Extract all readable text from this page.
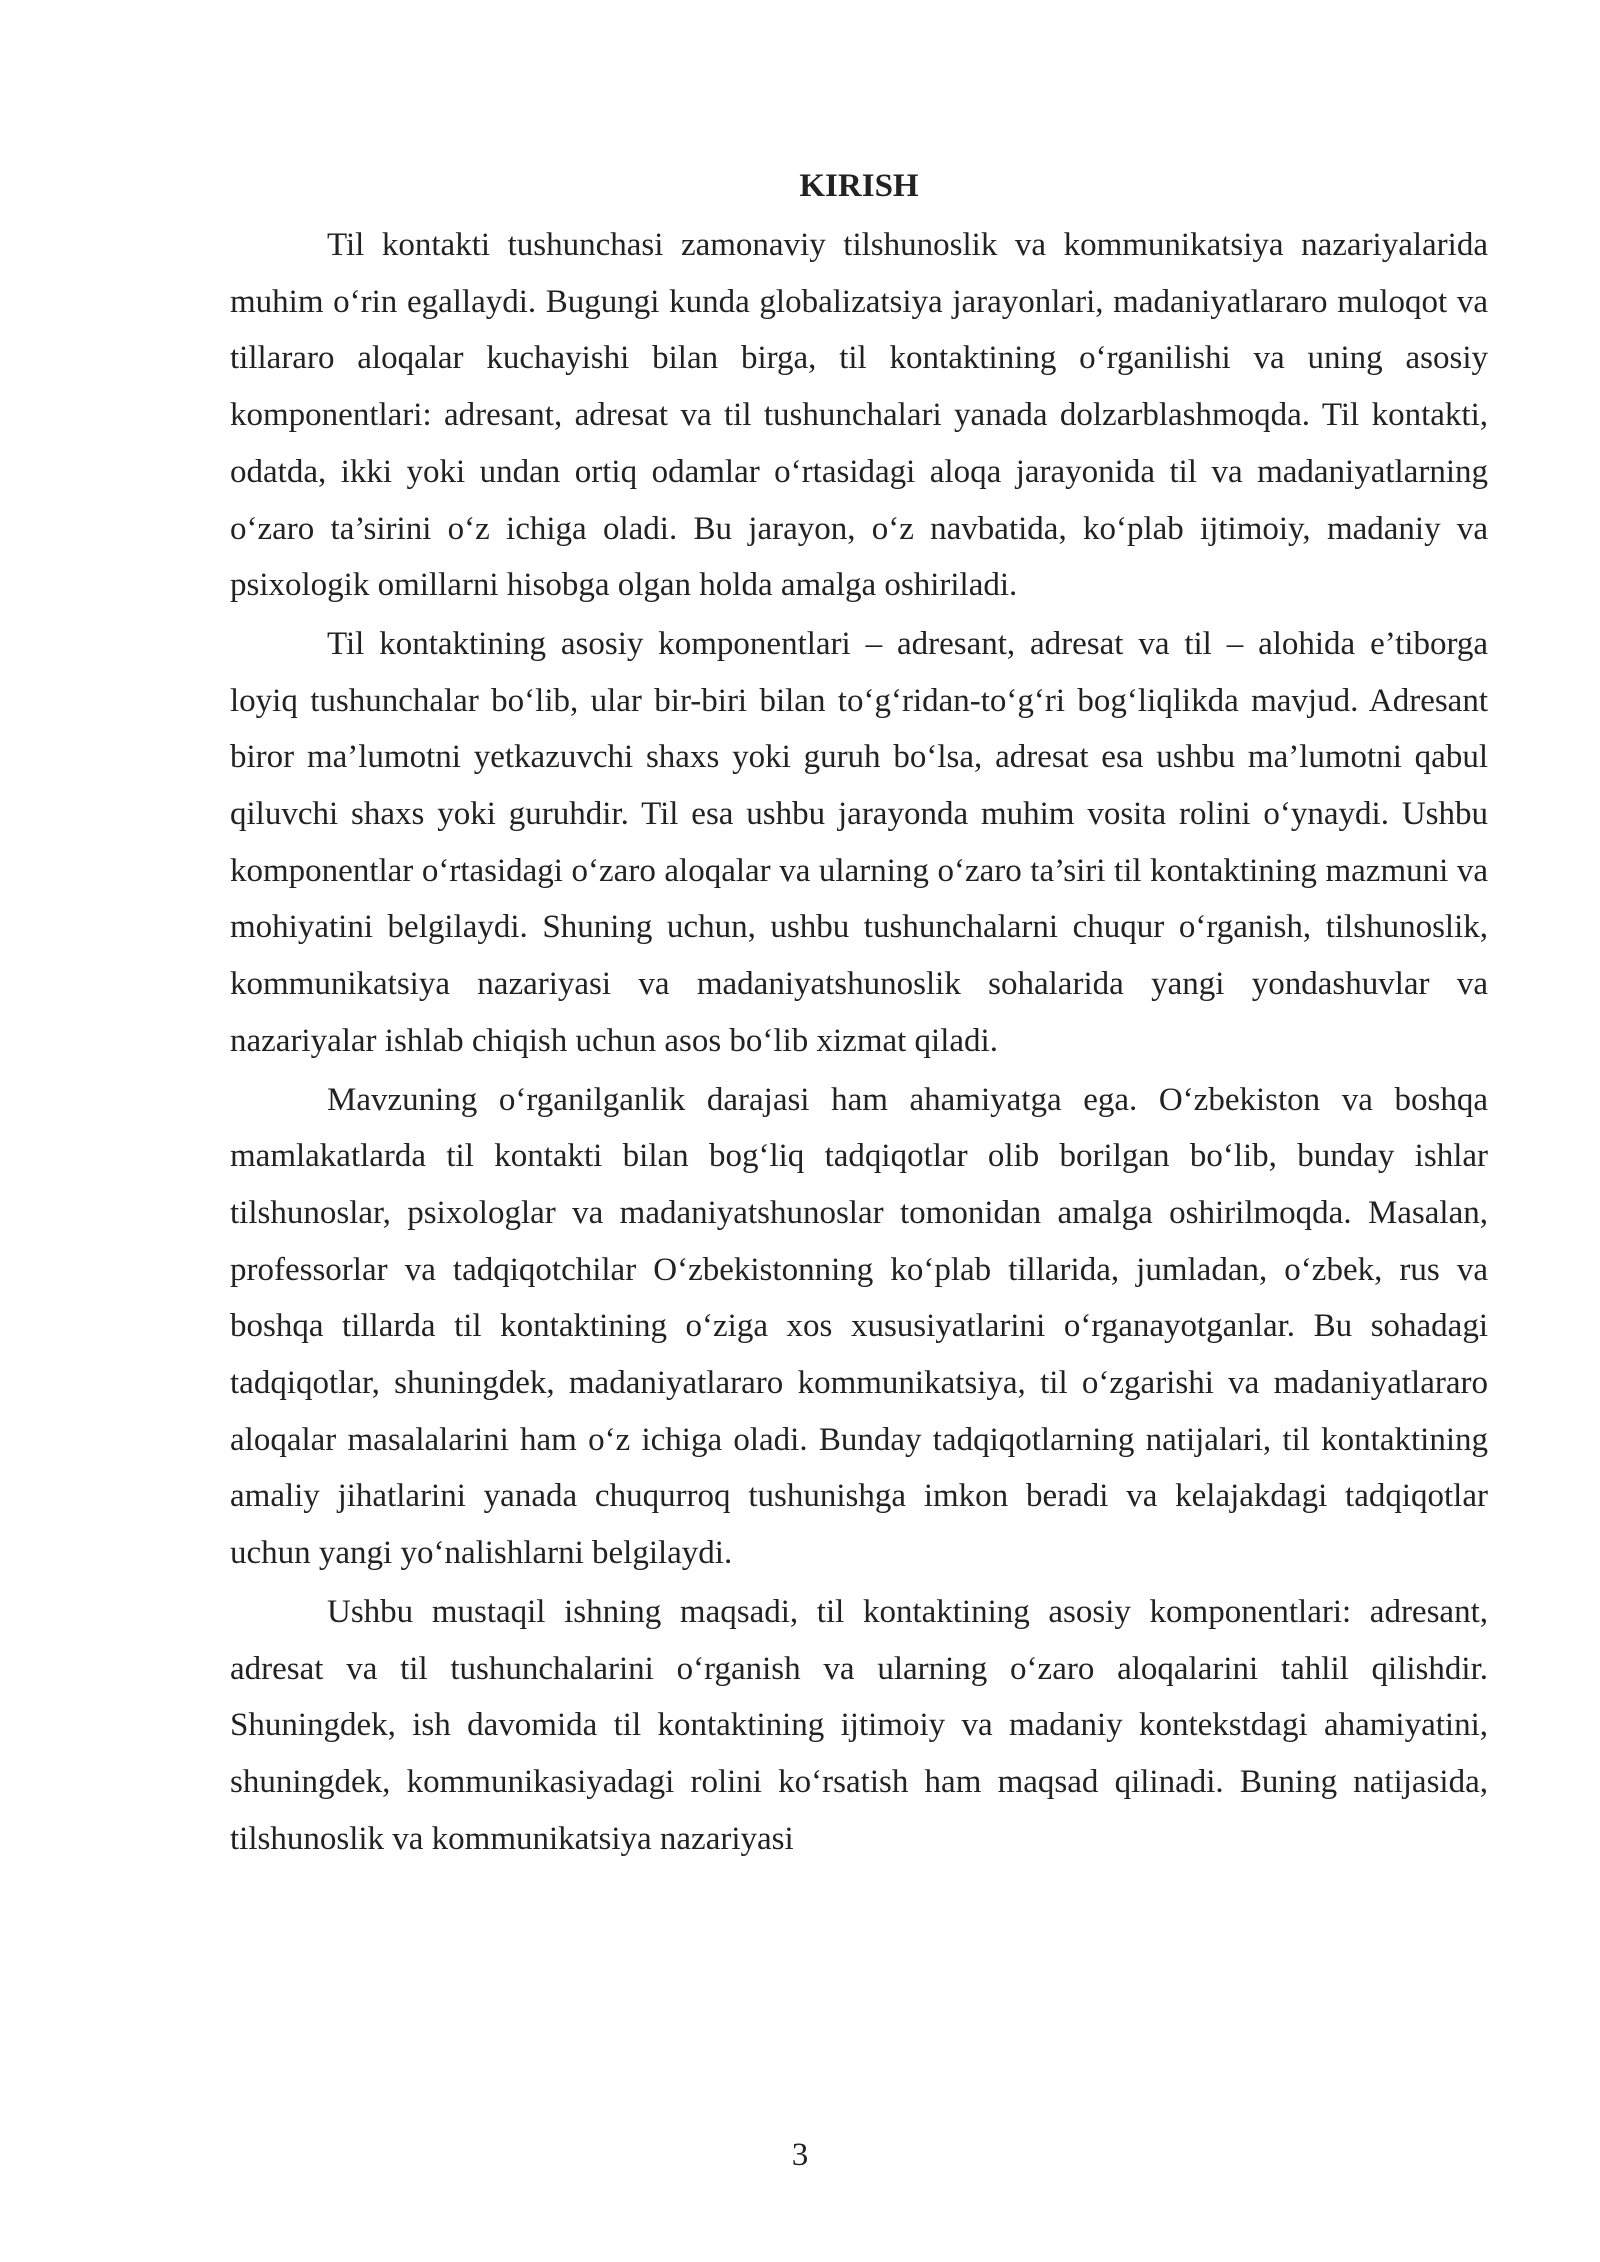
KIRISH

Til kontakti tushunchasi zamonaviy tilshunoslik va kommunikatsiya nazariyalarida muhim o‘rin egallaydi. Bugungi kunda globalizatsiya jarayonlari, madaniyatlararo muloqot va tillararo aloqalar kuchayishi bilan birga, til kontaktining o‘rganilishi va uning asosiy komponentlari: adresant, adresat va til tushunchalari yanada dolzarblashmoqda. Til kontakti, odatda, ikki yoki undan ortiq odamlar o‘rtasidagi aloqa jarayonida til va madaniyatlarning o‘zaro ta’sirini o‘z ichiga oladi. Bu jarayon, o‘z navbatida, ko‘plab ijtimoiy, madaniy va psixologik omillarni hisobga olgan holda amalga oshiriladi.

Til kontaktining asosiy komponentlari – adresant, adresat va til – alohida e’tiborga loyiq tushunchalar bo‘lib, ular bir-biri bilan to‘g‘ridan-to‘g‘ri bog‘liqlikda mavjud. Adresant biror ma’lumotni yetkazuvchi shaxs yoki guruh bo‘lsa, adresat esa ushbu ma’lumotni qabul qiluvchi shaxs yoki guruhdir. Til esa ushbu jarayonda muhim vosita rolini o‘ynaydi. Ushbu komponentlar o‘rtasidagi o‘zaro aloqalar va ularning o‘zaro ta’siri til kontaktining mazmuni va mohiyatini belgilaydi. Shuning uchun, ushbu tushunchalarni chuqur o‘rganish, tilshunoslik, kommunikatsiya nazariyasi va madaniyatshunoslik sohalarida yangi yondashuvlar va nazariyalar ishlab chiqish uchun asos bo‘lib xizmat qiladi.

Mavzuning o‘rganilganlik darajasi ham ahamiyatga ega. O‘zbekiston va boshqa mamlakatlarda til kontakti bilan bog‘liq tadqiqotlar olib borilgan bo‘lib, bunday ishlar tilshunoslar, psixologlar va madaniyatshunoslar tomonidan amalga oshirilmoqda. Masalan, professorlar va tadqiqotchilar O‘zbekistonning ko‘plab tillarida, jumladan, o‘zbek, rus va boshqa tillarda til kontaktining o‘ziga xos xususiyatlarini o‘rganayotganlar. Bu sohadagi tadqiqotlar, shuningdek, madaniyatlararo kommunikatsiya, til o‘zgarishi va madaniyatlararo aloqalar masalalarini ham o‘z ichiga oladi. Bunday tadqiqotlarning natijalari, til kontaktining amaliy jihatlarini yanada chuqurroq tushunishga imkon beradi va kelajakdagi tadqiqotlar uchun yangi yo‘nalishlarni belgilaydi.

Ushbu mustaqil ishning maqsadi, til kontaktining asosiy komponentlari: adresant, adresat va til tushunchalarini o‘rganish va ularning o‘zaro aloqalarini tahlil qilishdir. Shuningdek, ish davomida til kontaktining ijtimoiy va madaniy kontekstdagi ahamiyatini, shuningdek, kommunikasiyadagi rolini ko‘rsatish ham maqsad qilinadi. Buning natijasida, tilshunoslik va kommunikatsiya nazariyasi

3
